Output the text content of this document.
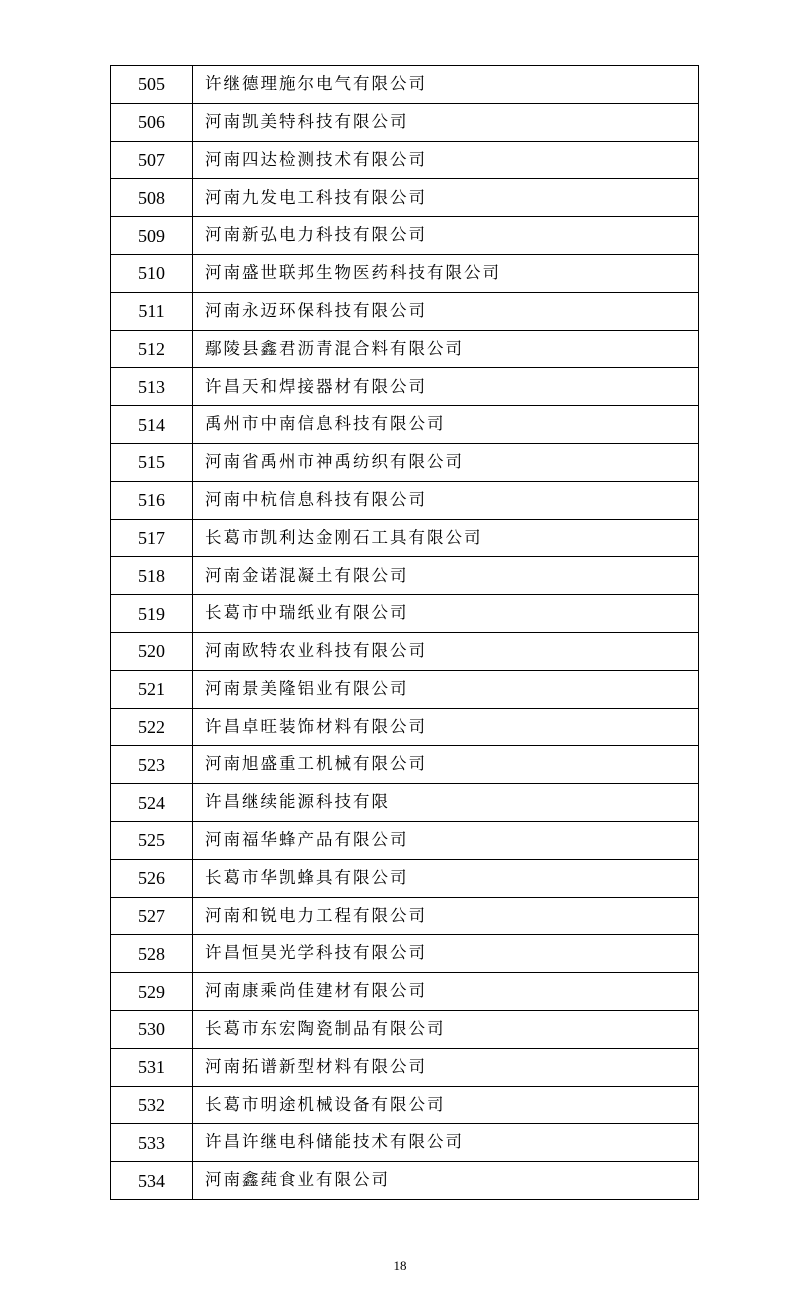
505	许继德理施尔电气有限公司
506	河南凯美特科技有限公司
507	河南四达检测技术有限公司
508	河南九发电工科技有限公司
509	河南新弘电力科技有限公司
510	河南盛世联邦生物医药科技有限公司
511	河南永迈环保科技有限公司
512	鄢陵县鑫君沥青混合料有限公司
513	许昌天和焊接器材有限公司
514	禹州市中南信息科技有限公司
515	河南省禹州市神禹纺织有限公司
516	河南中杭信息科技有限公司
517	长葛市凯利达金刚石工具有限公司
518	河南金诺混凝土有限公司
519	长葛市中瑞纸业有限公司
520	河南欧特农业科技有限公司
521	河南景美隆铝业有限公司
522	许昌卓旺装饰材料有限公司
523	河南旭盛重工机械有限公司
524	许昌继续能源科技有限
525	河南福华蜂产品有限公司
526	长葛市华凯蜂具有限公司
527	河南和锐电力工程有限公司
528	许昌恒昊光学科技有限公司
529	河南康乘尚佳建材有限公司
530	长葛市东宏陶瓷制品有限公司
531	河南拓谱新型材料有限公司
532	长葛市明途机械设备有限公司
533	许昌许继电科储能技术有限公司
534	河南鑫莼食业有限公司
18
